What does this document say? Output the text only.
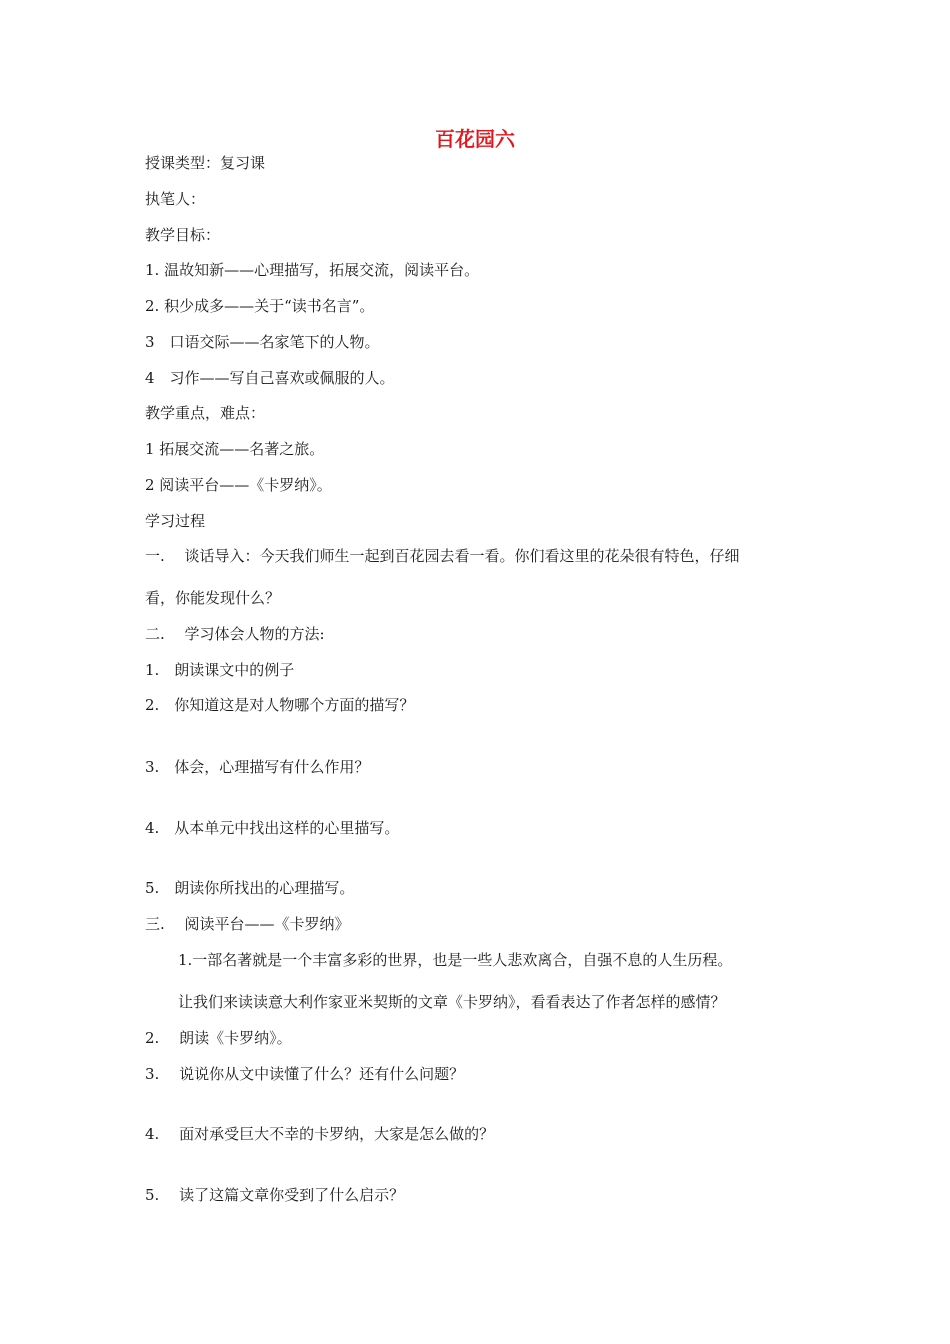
百花园六
授课类型：复习课
执笔人：
教学目标：
1. 温故知新——心理描写，拓展交流，阅读平台。
2. 积少成多——关于“读书名言”。
3　口语交际——名家笔下的人物。
4　习作——写自己喜欢或佩服的人。
教学重点，难点：
1 拓展交流——名著之旅。
2 阅读平台——《卡罗纳》。
学习过程
一.　 谈话导入：今天我们师生一起到百花园去看一看。你们看这里的花朵很有特色，仔细
看，你能发现什么？
二.　 学习体会人物的方法:
1.　朗读课文中的例子
2.　你知道这是对人物哪个方面的描写？
3.　体会，心理描写有什么作用？
4.　从本单元中找出这样的心里描写。
5.　朗读你所找出的心理描写。
三.　 阅读平台——《卡罗纳》
1.一部名著就是一个丰富多彩的世界，也是一些人悲欢离合，自强不息的人生历程。
让我们来读读意大利作家亚米契斯的文章《卡罗纳》，看看表达了作者怎样的感情？
2.　 朗读《卡罗纳》。
3.　 说说你从文中读懂了什么？还有什么问题？
4.　 面对承受巨大不幸的卡罗纳，大家是怎么做的？
5.　 读了这篇文章你受到了什么启示？
